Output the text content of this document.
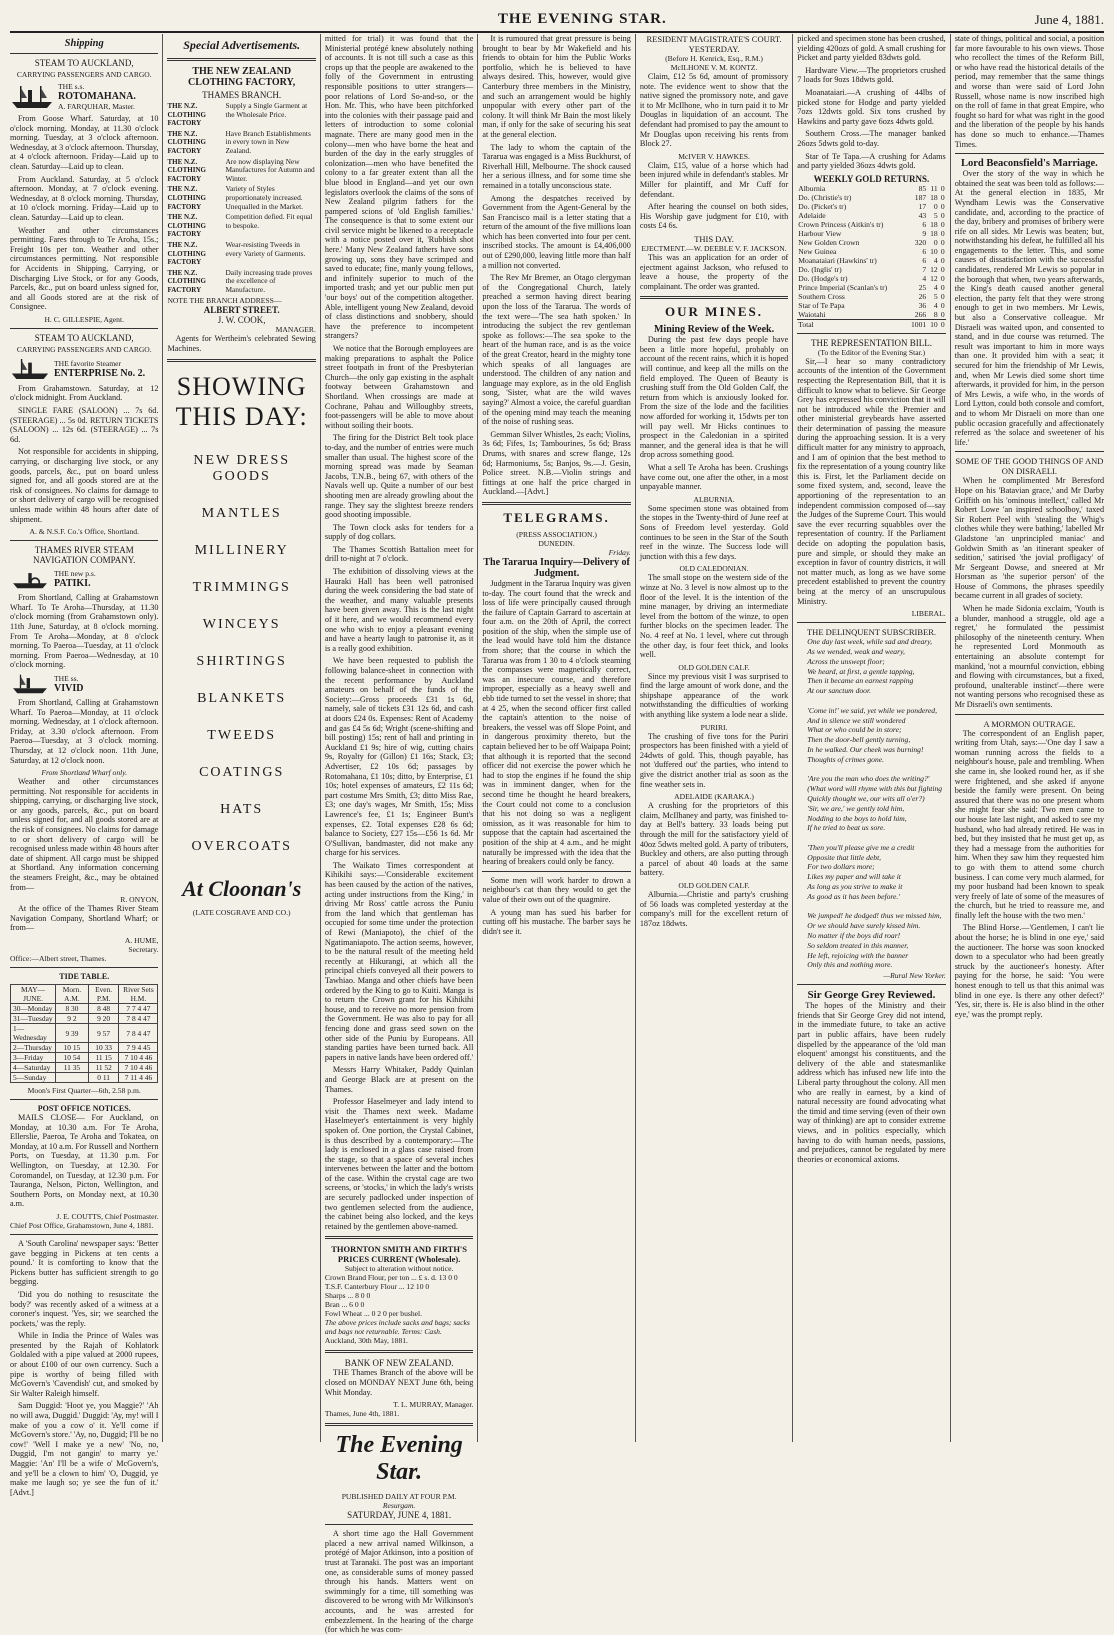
THE EVENING STAR.	June 4, 1881.
Shipping
STEAM TO AUCKLAND,
CARRYING PASSENGERS AND CARGO.
THE s.s.
ROTOMAHANA.
A. FARQUHAR, Master.

From Goose Wharf. Saturday, at 10 o'clock morning. Monday, at 11.30 o'clock morning. Tuesday, at 3 o'clock afternoon. Wednesday, at 3 o'clock afternoon. Thursday, at 4 o'clock afternoon. Friday—Laid up to clean. Saturday—Laid up to clean.

From Auckland. Saturday, at 5 o'clock afternoon. Monday, at 7 o'clock evening. Wednesday, at 8 o'clock morning. Thursday, at 10 o'clock morning. Friday—Laid up to clean. Saturday—Laid up to clean.

Weather and other circumstances permitting. Fares through to Te Aroha, 15s.; Freight 10s per ton. Weather and other circumstances permitting. Not responsible for Accidents in Shipping, Carrying, or Discharging Live Stock, or for any Goods, Parcels, &c., put on board unless signed for, and all Goods stored are at the risk of Consignee.

H. C. GILLESPIE, Agent.
STEAM TO AUCKLAND,
CARRYING PASSENGERS AND CARGO.
THE favorite Steamer
ENTERPRISE No. 2.

From Grahamstown. Saturday, at 12 o'clock midnight. From Auckland.

SINGLE FARE (SALOON) ... 7s 6d. (STEERAGE) ... 5s 0d. RETURN TICKETS (SALOON) ... 12s 6d. (STEERAGE) ... 7s 6d.

Not responsible for accidents in shipping, carrying, or discharging live stock, or any goods, parcels, &c., put on board unless signed for, and all goods stored are at the risk of consignees. No claims for damage to or short delivery of cargo will be recognised unless made within 48 hours after date of shipment.

A. & N.S.F. Co.'s Office, Shortland.
THAMES RIVER STEAM NAVIGATION COMPANY.
THE new p.s.
PATIKI.

From Shortland, Calling at Grahamstown Wharf. To Te Aroha—Thursday, at 11.30 o'clock morning (from Grahamstown only). 11th June, Saturday, at 8 o'clock morning. From Te Aroha—Monday, at 8 o'clock morning. To Paeroa—Tuesday, at 11 o'clock morning. From Paeroa—Wednesday, at 10 o'clock morning.

THE ss.
VIVID

From Shortland, Calling at Grahamstown Wharf. To Paeroa—Monday, at 11 o'clock morning. Wednesday, at 1 o'clock afternoon. Friday, at 3.30 o'clock afternoon. From Paeroa—Tuesday, at 3 o'clock morning. Thursday, at 12 o'clock noon. 11th June, Saturday, at 12 o'clock noon.

From Shortland Wharf only.

Weather and other circumstances permitting. Not responsible for accidents in shipping, carrying, or discharging live stock, or any goods, parcels, &c., put on board unless signed for, and all goods stored are at the risk of consignees. No claims for damage to or short delivery of cargo will be recognised unless made within 48 hours after date of shipment. All cargo must be shipped at Shortland. Any information concerning the steamers Freight, &c., may be obtained from—

R. ONYON,

At the office of the Thames River Steam Navigation Company, Shortland Wharf; or from—

A. HUME,
Secretary.
Office:—Albert street, Thames.
TIDE TABLE.
MAY—JUNE.	Morn. A.M.	Even. P.M.	River Sets H.M.
30—Monday	8 30	8 48	7 7 4 47
31—Tuesday	9 2	9 20	7 8 4 47
1—Wednesday	9 39	9 57	7 8 4 47
2—Thursday	10 15	10 33	7 9 4 45
3—Friday	10 54	11 15	7 10 4 46
4—Saturday	11 35	11 52	7 10 4 46
5—Sunday		0 11	7 11 4 46
Moon's First Quarter—6th, 2.58 p.m.
POST OFFICE NOTICES.

MAILS CLOSE— For Auckland, on Monday, at 10.30 a.m. For Te Aroha, Ellerslie, Paeroa, Te Aroha and Tokatea, on Monday, at 10 a.m. For Russell and Northern Ports, on Tuesday, at 11.30 p.m. For Wellington, on Tuesday, at 12.30. For Coromandel, on Tuesday, at 12.30 p.m. For Tauranga, Nelson, Picton, Wellington, and Southern Ports, on Monday next, at 10.30 a.m.

J. E. COUTTS, Chief Postmaster.
Chief Post Office, Grahamstown, June 4, 1881.

A 'South Carolina' newspaper says: 'Better gave begging in Pickens at ten cents a pound.' It is comforting to know that the Pickens butter has sufficient strength to go begging.

'Did you do nothing to resuscitate the body?' was recently asked of a witness at a coroner's inquest. 'Yes, sir; we searched the pockets,' was the reply.

While in India the Prince of Wales was presented by the Rajah of Kohlatork Goldaled with a pipe valued at 2000 rupees, or about £100 of our own currency. Such a pipe is worthy of being filled with McGovern's 'Cavendish' cut, and smoked by Sir Walter Raleigh himself.

Sam Duggid: 'Hoot ye, you Maggie?' 'Ah no will awa, Duggid.' Duggid: 'Ay, my! will I make of you a cow o' it. Ye'll come if McGovern's store.' 'Ay, no, Duggid; I'll be no cow!' 'Well I make ye a new' 'No, no, Duggid, I'm not gangin' to marry ye.' Maggie: 'An' I'll be a wife o' McGovern's, and ye'll be a clown to him' 'O, Duggid, ye make me laugh so; ye see the fun of it.' [Advt.]

Special Advertisements.
THE NEW ZEALAND CLOTHING FACTORY,
THAMES BRANCH.
THE N.Z. CLOTHING FACTORY
Supply a Single Garment at the Wholesale Price.
THE N.Z. CLOTHING FACTORY
Have Branch Establishments in every town in New Zealand.
THE N.Z. CLOTHING FACTORY
Are now displaying New Manufactures for Autumn and Winter.
THE N.Z. CLOTHING FACTORY
Variety of Styles proportionately increased. Unequalled in the Market.
THE N.Z. CLOTHING FACTORY
Competition defied. Fit equal to bespoke.
THE N.Z. CLOTHING FACTORY
Wear-resisting Tweeds in every Variety of Garments.
THE N.Z. CLOTHING FACTORY
Daily increasing trade proves the excellence of Manufacture.
NOTE THE BRANCH ADDRESS—
ALBERT STREET.
J. W. COOK,
MANAGER.

Agents for Wertheim's celebrated Sewing Machines.

SHOWING THIS DAY:
NEW DRESS GOODS
MANTLES
MILLINERY
TRIMMINGS
WINCEYS
SHIRTINGS
BLANKETS
TWEEDS
COATINGS
HATS
OVERCOATS
At Cloonan's
(LATE COSGRAVE AND CO.)

mitted for trial) it was found that the Ministerial protégé knew absolutely nothing of accounts. It is not till such a case as this crops up that the people are awakened to the folly of the Government in entrusting responsible positions to utter strangers—poor relations of Lord So-and-so, or the Hon. Mr. This, who have been pitchforked into the colonies with their passage paid and letters of introduction to some colonial magnate. There are many good men in the colony—men who have borne the heat and burden of the day in the early struggles of colonization—men who have benefited the colony to a far greater extent than all the blue blood in England—and yet our own legislators overlook the claims of the sons of New Zealand pilgrim fathers for the pampered scions of 'old English families.' The consequence is that to some extent our civil service might be likened to a receptacle with a notice posted over it, 'Rubbish shot here.' Many New Zealand fathers have sons growing up, sons they have scrimped and saved to educate; fine, manly young fellows, and infinitely superior to much of the imported trash; and yet our public men put 'our boys' out of the competition altogether. Able, intelligent young New Zealand, devoid of class distinctions and snobbery, should have the preference to incompetent strangers?

We notice that the Borough employees are making preparations to asphalt the Police street footpath in front of the Presbyterian Church—the only gap existing in the asphalt footway between Grahamstown and Shortland. When crossings are made at Cochrane, Pahau and Willoughby streets, foot-passengers will be able to move about without soiling their boots.

The firing for the District Belt took place to-day, and the number of entries were much smaller than usual. The highest score of the morning spread was made by Seaman Jacobs, T.N.B., being 67, with others of the Navals well up. Quite a number of our best shooting men are already growling about the range. They say the slightest breeze renders good shooting impossible.

The Town clock asks for tenders for a supply of dog collars.

The Thames Scottish Battalion meet for drill to-night at 7 o'clock.

The exhibition of dissolving views at the Hauraki Hall has been well patronised during the week considering the bad state of the weather, and many valuable presents have been given away. This is the last night of it here, and we would recommend every one who wish to enjoy a pleasant evening and have a hearty laugh to patronise it, as it is a really good exhibition.

We have been requested to publish the following balance-sheet in connection with the recent performance by Auckland amateurs on behalf of the funds of the Society:—Gross proceeds £31 1s 6d, namely, sale of tickets £31 12s 6d, and cash at doors £24 0s. Expenses: Rent of Academy and gas £4 5s 6d; Wright (scene-shifting and bill posting) 15s; rent of hall and printing in Auckland £1 9s; hire of wig, cutting chairs 9s, Royalty for (Gillon) £1 16s; Stack, £3; Advertiser, £2 10s 6d; passages by Rotomahana, £1 10s; ditto, by Enterprise, £1 10s; hotel expenses of amateurs, £2 11s 6d; part costume Mrs Smith, £3; ditto Miss Rae, £3; one day's wages, Mr Smith, 15s; Miss Lawrence's fee, £1 1s; Engineer Bunt's expenses, £2. Total expenses £28 6s 6d; balance to Society, £27 15s—£56 1s 6d. Mr O'Sullivan, bandmaster, did not make any charge for his services.

The Waikato Times correspondent at Kihikihi says:—'Considerable excitement has been caused by the action of the natives, acting under instructions from the King,' in driving Mr Ross' cattle across the Puniu from the land which that gentleman has occupied for some time under the protection of Rewi (Maniapoto), the chief of the Ngatimaniapoto. The action seems, however, to be the natural result of the meeting held recently at Hikurangi, at which all the principal chiefs conveyed all their powers to Tawhiao. Manga and other chiefs have been ordered by the King to go to Kuiti. Manga is to return the Crown grant for his Kihikihi house, and to receive no more pension from the Government. He was also to pay for all fencing done and grass seed sown on the other side of the Puniu by Europeans. All standing parties have been turned back. All papers in native lands have been ordered off.'

Messrs Harry Whitaker, Paddy Quinlan and George Black are at present on the Thames.

Professor Haselmeyer and lady intend to visit the Thames next week. Madame Haselmeyer's entertainment is very highly spoken of. One portion, the Crystal Cabinet, is thus described by a contemporary:—The lady is enclosed in a glass case raised from the stage, so that a space of several inches intervenes between the latter and the bottom of the case. Within the crystal cage are two screens, or 'stocks,' in which the lady's wrists are securely padlocked under inspection of two gentlemen selected from the audience, the cabinet being also locked, and the keys retained by the gentlemen above-named.

THORNTON SMITH AND FIRTH'S PRICES CURRENT (Wholesale).
Subject to alteration without notice.
Crown Brand Flour, per ton ... £ s. d. 13 0 0
T.S.F. Canterbury Flour ... 12 10 0
Sharps ... 8 0 0
Bran ... 6 0 0
Fowl Wheat ... 0 2 0 per bushel.
The above prices include sacks and bags; sacks and bags not returnable. Terms: Cash.
Auckland, 30th May, 1881.
BANK OF NEW ZEALAND.

THE Thames Branch of the above will be closed on MONDAY NEXT June 6th, being Whit Monday.

T. L. MURRAY, Manager.
Thames, June 4th, 1881.
The Evening Star.
PUBLISHED DAILY AT FOUR P.M.
Resurgam.
SATURDAY, JUNE 4, 1881.

A short time ago the Hall Government placed a new arrival named Wilkinson, a protégé of Major Atkinson, into a position of trust at Taranaki. The post was an important one, as considerable sums of money passed through his hands. Matters went on swimmingly for a time, till something was discovered to be wrong with Mr Wilkinson's accounts, and he was arrested for embezzlement. In the hearing of the charge (for which he was com-

It is rumoured that great pressure is being brought to bear by Mr Wakefield and his friends to obtain for him the Public Works portfolio, which he is believed to have always desired. This, however, would give Canterbury three members in the Ministry, and such an arrangement would be highly unpopular with every other part of the colony. It will think Mr Bain the most likely man, if only for the sake of securing his seat at the general election.

The lady to whom the captain of the Tararua was engaged is a Miss Buckhurst, of Riverhall Hill, Melbourne. The shock caused her a serious illness, and for some time she remained in a totally unconscious state.

Among the despatches received by Government from the Agent-General by the San Francisco mail is a letter stating that a return of the amount of the five millions loan which has been converted into four per cent. inscribed stocks. The amount is £4,406,000 out of £290,000, leaving little more than half a million not converted.

The Rev Mr Bremer, an Otago clergyman of the Congregational Church, lately preached a sermon having direct bearing upon the loss of the Tararua. The words of the text were—'The sea hath spoken.' In introducing the subject the rev gentleman spoke as follows:—The sea spoke to the heart of the human race, and is as the voice of the great Creator, heard in the mighty tone which speaks of all languages are understood. The children of any nation and language may explore, as in the old English song, 'Sister, what are the wild waves saying?' Almost a voice, the careful guardian of the opening mind may teach the meaning of the noise of rushing seas.

Gemman Silver Whistles, 2s each; Violins, 3s 6d; Fifes, 1s; Tambourines, 5s 6d; Brass Drums, with snares and screw flange, 12s 6d; Harmoniums, 5s; Banjos, 9s.—J. Gesin, Police street. N.B.—Violin strings and fittings at one half the price charged in Auckland.—[Advt.]

TELEGRAMS.
(PRESS ASSOCIATION.)
DUNEDIN.
Friday.
The Tararua Inquiry—Delivery of Judgment.

Judgment in the Tararua Inquiry was given to-day. The court found that the wreck and loss of life were principally caused through the failure of Captain Garrard to ascertain at four a.m. on the 20th of April, the correct position of the ship, when the simple use of the lead would have told him the distance from shore; that the course in which the Tararua was from 1 30 to 4 o'clock steaming the compasses were magnetically correct, was an insecure course, and therefore improper, especially as a heavy swell and ebb tide turned to set the vessel in shore; that at 4 25, when the second officer first called the captain's attention to the noise of breakers, the vessel was off Slope Point, and in dangerous proximity thereto, but the captain believed her to be off Waipapa Point; that although it is reported that the second officer did not exercise the power which he had to stop the engines if he found the ship was in imminent danger, when for the second time he thought he heard breakers, the Court could not come to a conclusion that his not doing so was a negligent omission, as it was reasonable for him to suppose that the captain had ascertained the position of the ship at 4 a.m., and he might naturally be impressed with the idea that the hearing of breakers could only be fancy.

Some men will work harder to drown a neighbour's cat than they would to get the value of their own out of the quagmire.

A young man has sued his barber for cutting off his mustache. The barber says he didn't see it.

RESIDENT MAGISTRATE'S COURT.
YESTERDAY.
(Before H. Kenrick, Esq., R.M.)
McILHONE V. M. KONTZ.

Claim, £12 5s 6d, amount of promissory note. The evidence went to show that the native signed the promissory note, and gave it to Mr McIlhone, who in turn paid it to Mr Douglas in liquidation of an account. The defendant had promised to pay the amount to Mr Douglas upon receiving his rents from Block 27.

McIVER V. HAWKES.

Claim, £15, value of a horse which had been injured while in defendant's stables. Mr Miller for plaintiff, and Mr Cuff for defendant.

After hearing the counsel on both sides, His Worship gave judgment for £10, with costs £4 6s.

THIS DAY.
EJECTMENT.—W. DEEBLE V. F. JACKSON.

This was an application for an order of ejectment against Jackson, who refused to leave a house, the property of the complainant. The order was granted.

OUR MINES.
Mining Review of the Week.

During the past few days people have been a little more hopeful, probably on account of the recent rains, which it is hoped will continue, and keep all the mills on the field employed. The Queen of Beauty is crushing stuff from the Old Golden Calf, the return from which is anxiously looked for. From the size of the lode and the facilities now afforded for working it, 15dwts per ton will pay well. Mr Hicks continues to prospect in the Caledonian in a spirited manner, and the general idea is that he will drop across something good.

What a sell Te Aroha has been. Crushings have come out, one after the other, in a most unpayable manner.

ALBURNIA.

Some specimen stone was obtained from the stopes in the Twenty-third of June reef at Sons of Freedom level yesterday. Gold continues to be seen in the Star of the South reef in the winze. The Success lode will junction with this a few days.

OLD CALEDONIAN.

The small stope on the western side of the winze at No. 3 level is now almost up to the floor of the level. It is the intention of the mine manager, by driving an intermediate level from the bottom of the winze, to open further blocks on the specimen leader. The No. 4 reef at No. 1 level, where cut through the other day, is four feet thick, and looks well.

OLD GOLDEN CALF.

Since my previous visit I was surprised to find the large amount of work done, and the shipshape appearance of the work notwithstanding the difficulties of working with anything like system a lode near a slide.

PURIRI.

The crushing of five tons for the Puriri prospectors has been finished with a yield of 24dwts of gold. This, though payable, has not 'duffered out' the parties, who intend to give the district another trial as soon as the fine weather sets in.

ADELAIDE (KARAKA.)

A crushing for the proprietors of this claim, McIlhaney and party, was finished to-day at Bell's battery. 33 loads being put through the mill for the satisfactory yield of 40oz 5dwts melted gold. A party of tributers, Buckley and others, are also putting through a parcel of about 40 loads at the same battery.

OLD GOLDEN CALF.

Alburnia.—Christie and party's crushing of 56 loads was completed yesterday at the company's mill for the excellent return of 187oz 18dwts.

picked and specimen stone has been crushed, yielding 420ozs of gold. A small crushing for Picket and party yielded 83dwts gold.

Hardware View.—The proprietors crushed 7 loads for 9ozs 18dwts gold.

Moanataiari.—A crushing of 44lbs of picked stone for Hodge and party yielded 7ozs 12dwts gold. Six tons crushed by Hawkins and party gave 6ozs 4dwts gold.

Southern Cross.—The manager banked 26ozs 5dwts gold to-day.

Star of Te Tapa.—A crushing for Adams and party yielded 36ozs 4dwts gold.

WEEKLY GOLD RETURNS.
Alburnia	85	11	0
Do. (Christie's tr)	187	18	0
Do. (Picket's tr)	17	0	0
Adelaide	43	5	0
Crown Princess (Aitkin's tr)	6	18	0
Harbour View	9	18	0
New Golden Crown	320	0	0
New Guinea	6	10	0
Moanataiari (Hawkins' tr)	6	4	0
Do. (Inglis' tr)	7	12	0
Do. (Hodge's tr)	4	12	0
Prince Imperial (Scanlan's tr)	25	4	0
Southern Cross	26	5	0
Star of Te Papa	36	4	0
Waiotahi	266	8	0
Total	1001	10	0
THE REPRESENTATION BILL.
(To the Editor of the Evening Star.)

Sir,—I hear so many contradictory accounts of the intention of the Government respecting the Representation Bill, that it is difficult to know what to believe. Sir George Grey has expressed his conviction that it will not be introduced while the Premier and other ministerial greybeards have asserted their determination of passing the measure during the approaching session. It is a very difficult matter for any ministry to approach, and I am of opinion that the best method to fix the representation of a young country like this is. First, let the Parliament decide on some fixed system, and, second, leave the apportioning of the representation to an independent commission composed of—say the Judges of the Supreme Court. This would save the ever recurring squabbles over the representation of country. If the Parliament decide on adopting the population basis, pure and simple, or should they make an exception in favor of country districts, it will not matter much, as long as we have some precedent established to prevent the country being at the mercy of an unscrupulous Ministry.

LIBERAL.
THE DELINQUENT SUBSCRIBER.
One day last week, while sad and dreary,
As we wended, weak and weary,
Across the unswept floor;
We heard, at first, a gentle tapping,
Then it became an earnest rapping
At our sanctum door.

'Come in!' we said, yet while we pondered,
And in silence we still wondered
What or who could be in store;
Then the door-bell gently turning,
In he walked. Our cheek was burning!
Thoughts of crimes gone.

'Are you the man who does the writing?'
(What word will rhyme with this but fighting
Quickly thought we, our wits all o'er?)
'Sir, we are,' we gently told him,
Nodding to the boys to hold him,
If he tried to beat us sore.

'Then you'll please give me a credit
Opposite that little debt,
For two dollars more;
Likes my paper and will take it
As long as you strive to make it
As good as it has been before.'

We jumped! he dodged! thus we missed him,
Or we should have surely kissed him.
No matter if the boys did roar!
So seldom treated in this manner,
He left, rejoicing with the banner
Only this and nothing more.
—Rural New Yorker.
Sir George Grey Reviewed.

The hopes of the Ministry and their friends that Sir George Grey did not intend, in the immediate future, to take an active part in public affairs, have been rudely dispelled by the appearance of the 'old man eloquent' amongst his constituents, and the delivery of the able and statesmanlike address which has infused new life into the Liberal party throughout the colony. All men who are really in earnest, by a kind of natural necessity are found advocating what the timid and time serving (even of their own way of thinking) are apt to consider extreme views, and in politics especially, which having to do with human needs, passions, and prejudices, cannot be regulated by mere theories or economical axioms.

state of things, political and social, a position far more favourable to his own views. Those who recollect the times of the Reform Bill, or who have read the historical details of the period, may remember that the same things and worse than were said of Lord John Russell, whose name is now inscribed high on the roll of fame in that great Empire, who fought so hard for what was right in the good and the liberation of the people by his hands has done so much to enhance.—Thames Times.

Lord Beaconsfield's Marriage.

Over the story of the way in which he obtained the seat was been told as follows:—At the general election in 1835, Mr Wyndham Lewis was the Conservative candidate, and, according to the practice of the day, bribery and promises of bribery were rife on all sides. Mr Lewis was beaten; but, notwithstanding his defeat, he fulfilled all his engagements to the letter. This, and some causes of dissatisfaction with the successful candidates, rendered Mr Lewis so popular in the borough that when, two years afterwards, the King's death caused another general election, the party felt that they were strong enough to get in two members. Mr Lewis, but also a Conservative colleague. Mr Disraeli was waited upon, and consented to stand, and in due course was returned. The result was important to him in more ways than one. It provided him with a seat; it secured for him the friendship of Mr Lewis, and, when Mr Lewis died some short time afterwards, it provided for him, in the person of Mrs Lewis, a wife who, in the words of Lord Lytton, could both console and comfort, and to whom Mr Disraeli on more than one public occasion gracefully and affectionately referred as 'the solace and sweetener of his life.'

SOME OF THE GOOD THINGS OF AND ON DISRAELI.

When he complimented Mr Beresford Hope on his 'Batavian grace,' and Mr Darby Griffith on his 'ominous intellect,' called Mr Robert Lowe 'an inspired schoolboy,' taxed Sir Robert Peel with 'stealing the Whig's clothes while they were bathing,' labelled Mr Gladstone 'an unprincipled maniac' and Goldwin Smith as 'an itinerant speaker of sedition,' satirised 'the jovial profligacy' of Mr Sergeant Dowse, and sneered at Mr Horsman as 'the superior person' of the House of Commons, the phrases speedily became current in all grades of society.

When he made Sidonia exclaim, 'Youth is a blunder, manhood a struggle, old age a regret,' he formulated the pessimist philosophy of the nineteenth century. When he represented Lord Monmouth as entertaining an absolute contempt for mankind, 'not a mournful conviction, ebbing and flowing with circumstances, but a fixed, profound, unalterable instinct'—there were not wanting persons who recognised these as Mr Disraeli's own sentiments.

A MORMON OUTRAGE.

The correspondent of an English paper, writing from Utah, says:—'One day I saw a woman running across the fields to a neighbour's house, pale and trembling. When she came in, she looked round her, as if she were frightened, and she asked if anyone beside the family were present. On being assured that there was no one present whom she might fear she said: Two men came to our house late last night, and asked to see my husband, who had already retired. He was in bed, but they insisted that he must get up, as they had a message from the authorities for him. When they saw him they requested him to go with them to attend some church business. I can come very much alarmed, for my poor husband had been known to speak very freely of late of some of the measures of the church, but he tried to reassure me, and finally left the house with the two men.'

The Blind Horse.—'Gentlemen, I can't lie about the horse; he is blind in one eye,' said the auctioneer. The horse was soon knocked down to a speculator who had been greatly struck by the auctioneer's honesty. After paying for the horse, he said: 'You were honest enough to tell us that this animal was blind in one eye. Is there any other defect?' 'Yes, sir, there is. He is also blind in the other eye,' was the prompt reply.
